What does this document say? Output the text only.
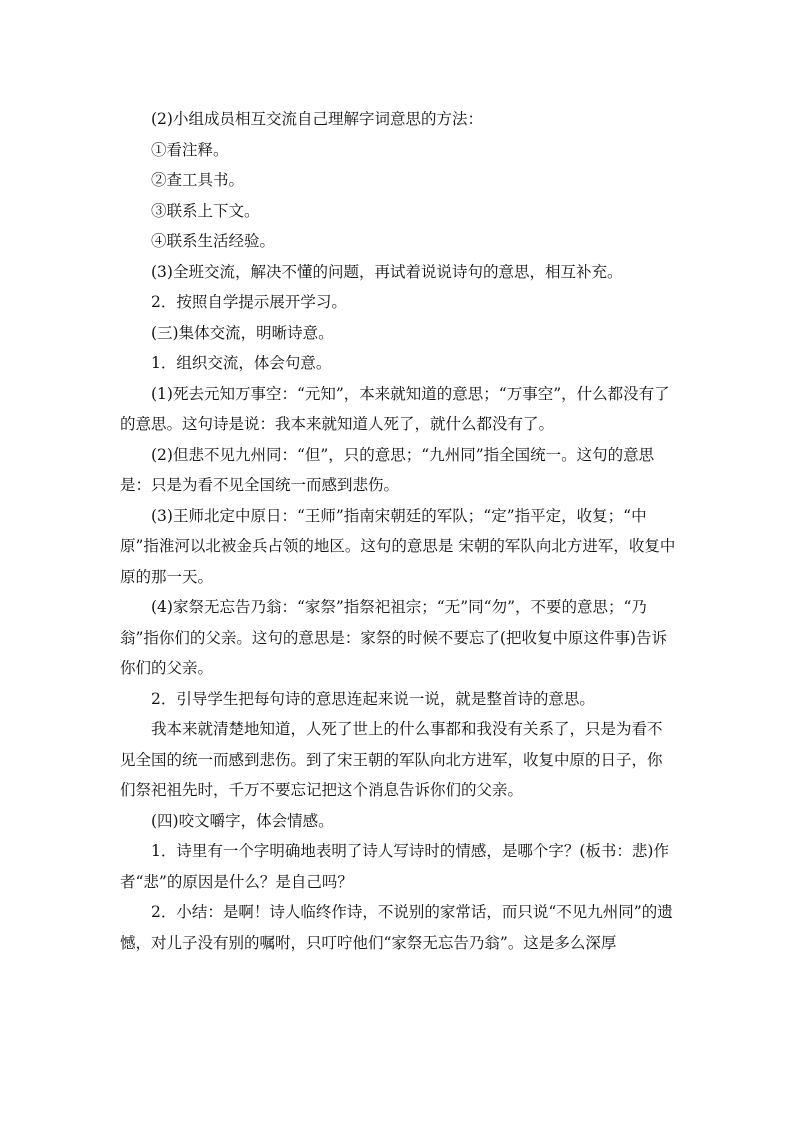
(2)小组成员相互交流自己理解字词意思的方法：

①看注释。

②查工具书。

③联系上下文。

④联系生活经验。

(3)全班交流，解决不懂的问题，再试着说说诗句的意思，相互补充。

2．按照自学提示展开学习。

(三)集体交流，明晰诗意。

1．组织交流，体会句意。

(1)死去元知万事空：“元知”，本来就知道的意思；“万事空”，什么都没有了的意思。这句诗是说：我本来就知道人死了，就什么都没有了。

(2)但悲不见九州同：“但”，只的意思；“九州同”指全国统一。这句的意思是：只是为看不见全国统一而感到悲伤。

(3)王师北定中原日：“王师”指南宋朝廷的军队；“定”指平定，收复；“中原”指淮河以北被金兵占领的地区。这句的意思是 宋朝的军队向北方进军，收复中原的那一天。

(4)家祭无忘告乃翁：“家祭”指祭祀祖宗；“无”同“勿”，不要的意思；“乃翁”指你们的父亲。这句的意思是：家祭的时候不要忘了(把收复中原这件事)告诉你们的父亲。

2．引导学生把每句诗的意思连起来说一说，就是整首诗的意思。

我本来就清楚地知道，人死了世上的什么事都和我没有关系了，只是为看不见全国的统一而感到悲伤。到了宋王朝的军队向北方进军，收复中原的日子，你们祭祀祖先时，千万不要忘记把这个消息告诉你们的父亲。

(四)咬文嚼字，体会情感。

1．诗里有一个字明确地表明了诗人写诗时的情感，是哪个字？(板书：悲)作者“悲”的原因是什么？是自己吗？

2．小结：是啊！诗人临终作诗，不说别的家常话，而只说“不见九州同”的遗憾，对儿子没有别的嘱咐，只叮咛他们“家祭无忘告乃翁”。这是多么深厚
